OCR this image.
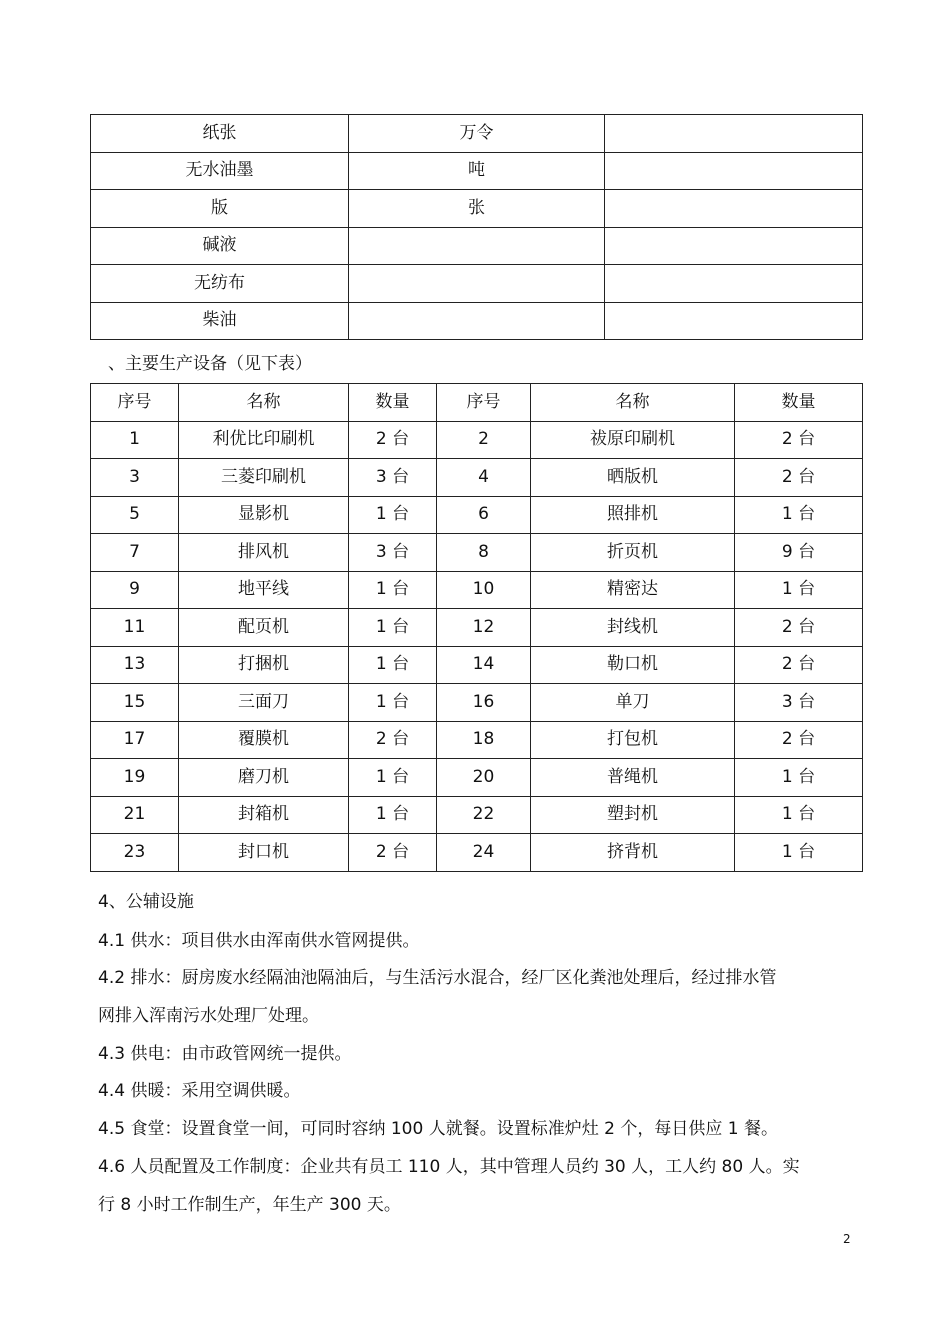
纸张	万令	
无水油墨	吨	
版	张	
碱液		
无纺布		
柴油		
、主要生产设备（见下表）
序号	名称	数量	序号	名称	数量
1	利优比印刷机	2 台	2	祓原印刷机	2 台
3	三菱印刷机	3 台	4	晒版机	2 台
5	显影机	1 台	6	照排机	1 台
7	排风机	3 台	8	折页机	9 台
9	地平线	1 台	10	精密达	1 台
11	配页机	1 台	12	封线机	2 台
13	打捆机	1 台	14	勒口机	2 台
15	三面刀	1 台	16	单刀	3 台
17	覆膜机	2 台	18	打包机	2 台
19	磨刀机	1 台	20	普绳机	1 台
21	封箱机	1 台	22	塑封机	1 台
23	封口机	2 台	24	挤背机	1 台
4、公辅设施
4.1 供水：项目供水由浑南供水管网提供。
4.2 排水：厨房废水经隔油池隔油后，与生活污水混合，经厂区化粪池处理后，经过排水管
网排入浑南污水处理厂处理。
4.3 供电：由市政管网统一提供。
4.4 供暖：采用空调供暖。
4.5 食堂：设置食堂一间，可同时容纳 100 人就餐。设置标准炉灶 2 个，每日供应 1 餐。
4.6 人员配置及工作制度：企业共有员工 110 人，其中管理人员约 30 人，工人约 80 人。实
行 8 小时工作制生产，年生产 300 天。
2
